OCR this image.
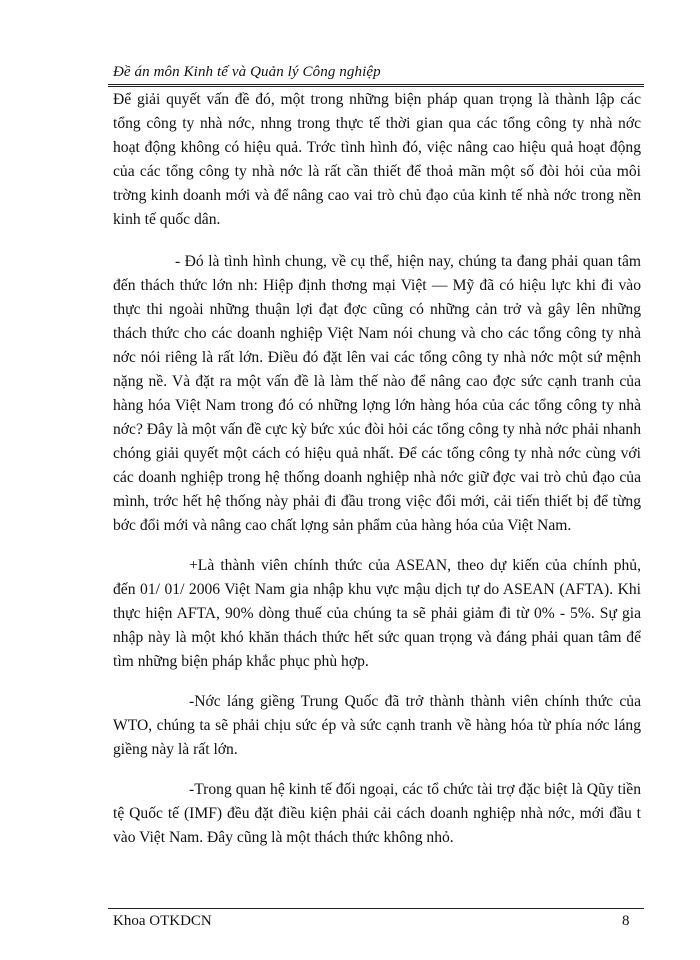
Đề án môn Kinh tế và Quản lý Công nghiệp

Để giải quyết vấn đề đó, một trong những biện pháp quan trọng là thành lập các tổng công ty nhà nớc, nhng trong thực tế thời gian qua các tổng công ty nhà nớc hoạt động không có hiệu quả. Trớc tình hình đó, việc nâng cao hiệu quả hoạt động của các tổng công ty nhà nớc là rất cần thiết để thoả mãn một số đòi hỏi của môi trờng kinh doanh mới và để nâng cao vai trò chủ đạo của kinh tế nhà nớc trong nền kinh tế quốc dân.

- Đó là tình hình chung, về cụ thể, hiện nay, chúng ta đang phải quan tâm đến thách thức lớn nh: Hiệp định thơng mại Việt — Mỹ đã có hiệu lực khi đi vào thực thi ngoài những thuận lợi đạt đợc cũng có những cản trở và gây lên những thách thức cho các doanh nghiệp Việt Nam nói chung và cho các tổng công ty nhà nớc nói riêng là rất lớn. Điều đó đặt lên vai các tổng công ty nhà nớc một sứ mệnh nặng nề. Và đặt ra một vấn đề là làm thế nào để nâng cao đợc sức cạnh tranh của hàng hóa Việt Nam trong đó có những lợng lớn hàng hóa của các tổng công ty nhà nớc? Đây là một vấn đề cực kỳ bức xúc đòi hỏi các tổng công ty nhà nớc phải nhanh chóng giải quyết một cách có hiệu quả nhất. Để các tổng công ty nhà nớc cùng với các doanh nghiệp trong hệ thống doanh nghiệp nhà nớc giữ đợc vai trò chủ đạo của mình, trớc hết hệ thống này phải đi đầu trong việc đổi mới, cải tiến thiết bị để từng bớc đổi mới và nâng cao chất lợng sản phẩm của hàng hóa của Việt Nam.

+Là thành viên chính thức của ASEAN, theo dự kiến của chính phủ, đến 01/ 01/ 2006 Việt Nam gia nhập khu vực mậu dịch tự do ASEAN (AFTA). Khi thực hiện AFTA, 90% dòng thuế của chúng ta sẽ phải giảm đi từ 0% - 5%. Sự gia nhập này là một khó khăn thách thức hết sức quan trọng và đáng phải quan tâm để tìm những biện pháp khắc phục phù hợp.

-Nớc láng giềng Trung Quốc đã trở thành thành viên chính thức của WTO, chúng ta sẽ phải chịu sức ép và sức cạnh tranh về hàng hóa từ phía nớc láng giềng này là rất lớn.

-Trong quan hệ kinh tế đối ngoại, các tổ chức tài trợ đặc biệt là Qũy tiền tệ Quốc tế (IMF) đều đặt điều kiện phải cải cách doanh nghiệp nhà nớc, mới đầu t vào Việt Nam. Đây cũng là một thách thức không nhỏ.

Khoa OTKDCN	8
